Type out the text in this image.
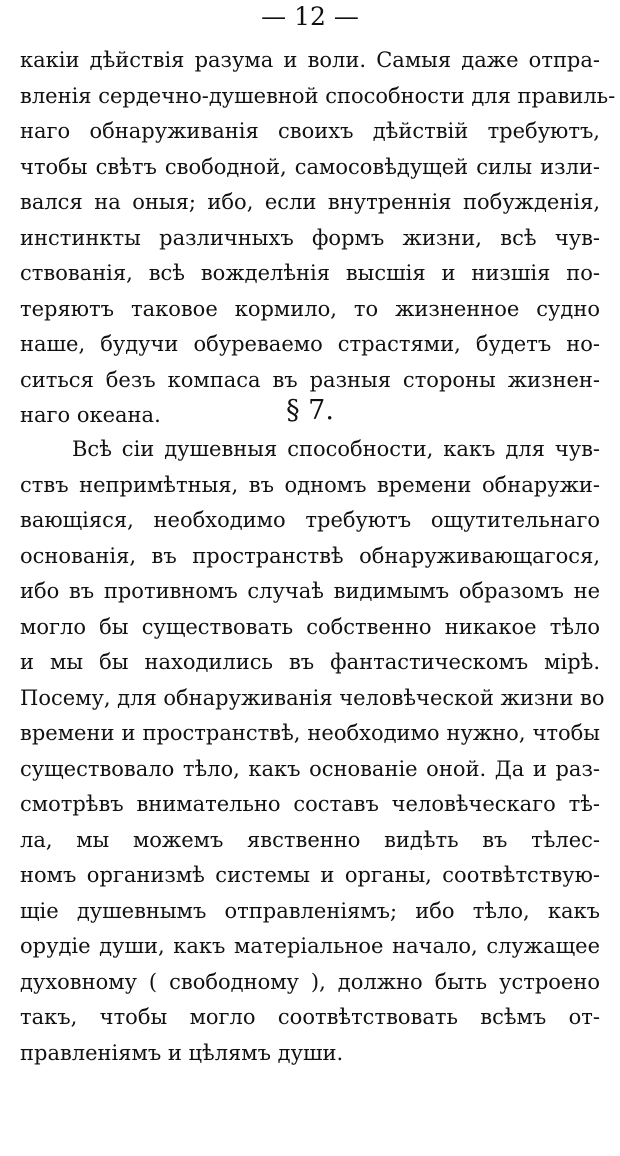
— 12 —
какіи дѣйствія разума и воли. Самыя даже отпра-
вленія сердечно-душевной способности для правиль-
наго обнаруживанія своихъ дѣйствій требуютъ,
чтобы свѣтъ свободной, самосовѣдущей силы изли-
вался на оныя; ибо, если внутреннія побужденія,
инстинкты различныхъ формъ жизни, всѣ чув-
ствованія, всѣ вожделѣнія высшія и низшія по-
теряютъ таковое кормило, то жизненное судно
наше, будучи обуреваемо страстями, будетъ но-
ситься безъ компаса въ разныя стороны жизнен-
наго океана.	§ 7.
Всѣ сіи душевныя способности, какъ для чув-
ствъ непримѣтныя, въ одномъ времени обнаружи-
вающіяся, необходимо требуютъ ощутительнаго
основанія, въ пространствѣ обнаруживающагося,
ибо въ противномъ случаѣ видимымъ образомъ не
могло бы существовать собственно никакое тѣло
и мы бы находились въ фантастическомъ мірѣ.
Посему, для обнаруживанія человѣческой жизни во
времени и пространствѣ, необходимо нужно, чтобы
существовало тѣло, какъ основаніе оной. Да и раз-
смотрѣвъ внимательно составъ человѣческаго тѣ-
ла, мы можемъ явственно видѣть въ тѣлес-
номъ организмѣ системы и органы, соотвѣтствую-
щіе душевнымъ отправленіямъ; ибо тѣло, какъ
орудіе души, какъ матеріальное начало, служащее
духовному ( свободному ), должно быть устроено
такъ, чтобы могло соотвѣтствовать всѣмъ от-
правленіямъ и цѣлямъ души.
